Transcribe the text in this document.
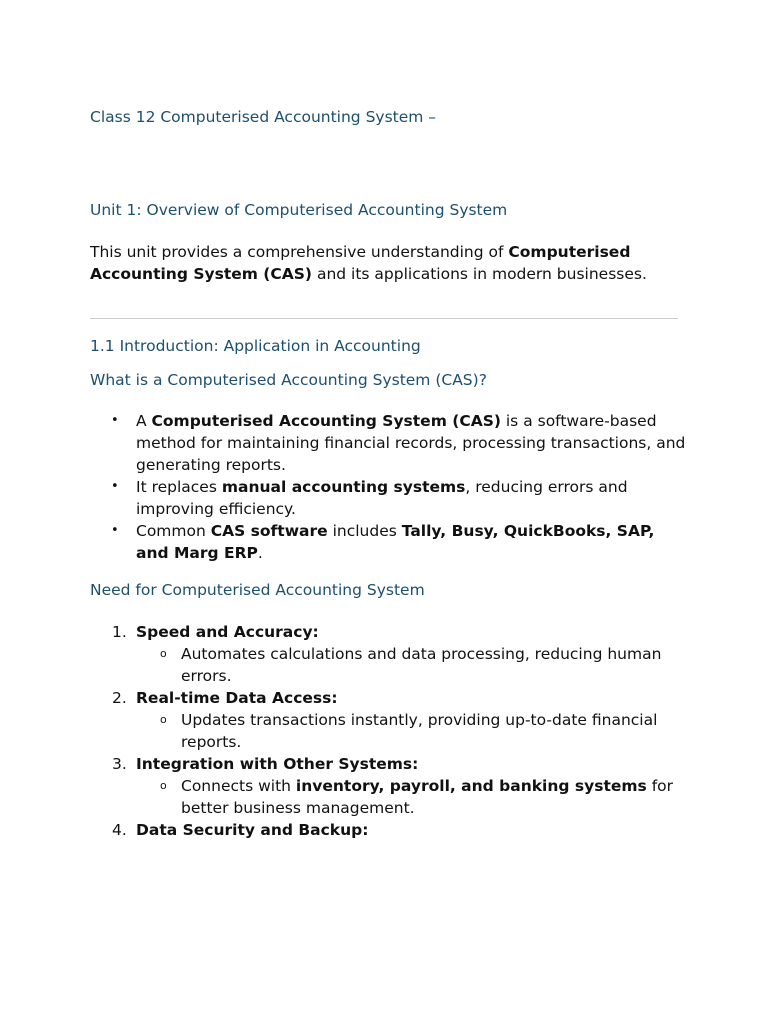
Class 12 Computerised Accounting System –
Unit 1: Overview of Computerised Accounting System

This unit provides a comprehensive understanding of Computerised Accounting System (CAS) and its applications in modern businesses.

1.1 Introduction: Application in Accounting
What is a Computerised Accounting System (CAS)?
• A Computerised Accounting System (CAS) is a software-based method for maintaining financial records, processing transactions, and generating reports.
• It replaces manual accounting systems, reducing errors and improving efficiency.
• Common CAS software includes Tally, Busy, QuickBooks, SAP, and Marg ERP.
Need for Computerised Accounting System
1. Speed and Accuracy:
o Automates calculations and data processing, reducing human errors.
2. Real-time Data Access:
o Updates transactions instantly, providing up-to-date financial reports.
3. Integration with Other Systems:
o Connects with inventory, payroll, and banking systems for better business management.
4. Data Security and Backup:
